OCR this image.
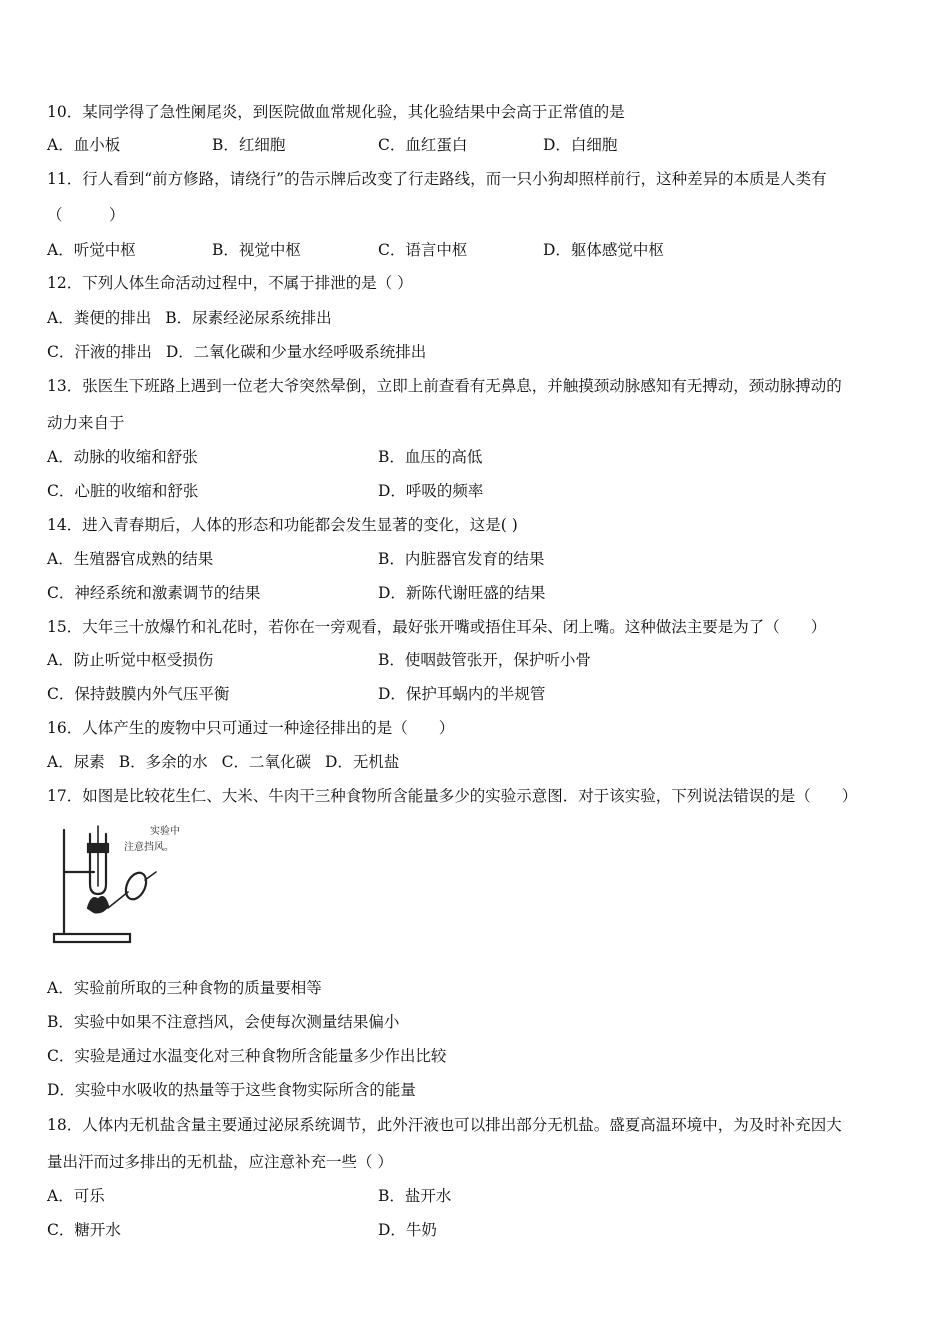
10．某同学得了急性阑尾炎，到医院做血常规化验，其化验结果中会高于正常值的是
A．血小板	B．红细胞	C．血红蛋白	D．白细胞
11．行人看到“前方修路，请绕行”的告示牌后改变了行走路线，而一只小狗却照样前行，这种差异的本质是人类有
（　　　）
A．听觉中枢	B．视觉中枢	C．语言中枢	D．躯体感觉中枢
12．下列人体生命活动过程中，不属于排泄的是（ ）
A．粪便的排出 B．尿素经泌尿系统排出
C．汗液的排出 D．二氧化碳和少量水经呼吸系统排出
13．张医生下班路上遇到一位老大爷突然晕倒，立即上前查看有无鼻息，并触摸颈动脉感知有无搏动，颈动脉搏动的
动力来自于
A．动脉的收缩和舒张	B．血压的高低
C．心脏的收缩和舒张	D．呼吸的频率
14．进入青春期后，人体的形态和功能都会发生显著的变化，这是( )
A．生殖器官成熟的结果	B．内脏器官发育的结果
C．神经系统和激素调节的结果	D．新陈代谢旺盛的结果
15．大年三十放爆竹和礼花时，若你在一旁观看，最好张开嘴或捂住耳朵、闭上嘴。这种做法主要是为了（　　）
A．防止听觉中枢受损伤	B．使咽鼓管张开，保护听小骨
C．保持鼓膜内外气压平衡	D．保护耳蜗内的半规管
16．人体产生的废物中只可通过一种途径排出的是（　　）
A．尿素 B．多余的水 C．二氧化碳 D．无机盐
17．如图是比较花生仁、大米、牛肉干三种食物所含能量多少的实验示意图．对于该实验，下列说法错误的是（　　）
实验中
注意挡风。
A．实验前所取的三种食物的质量要相等
B．实验中如果不注意挡风，会使每次测量结果偏小
C．实验是通过水温变化对三种食物所含能量多少作出比较
D．实验中水吸收的热量等于这些食物实际所含的能量
18．人体内无机盐含量主要通过泌尿系统调节，此外汗液也可以排出部分无机盐。盛夏高温环境中，为及时补充因大
量出汗而过多排出的无机盐，应注意补充一些（ ）
A．可乐	B．盐开水
C．糖开水	D．牛奶
